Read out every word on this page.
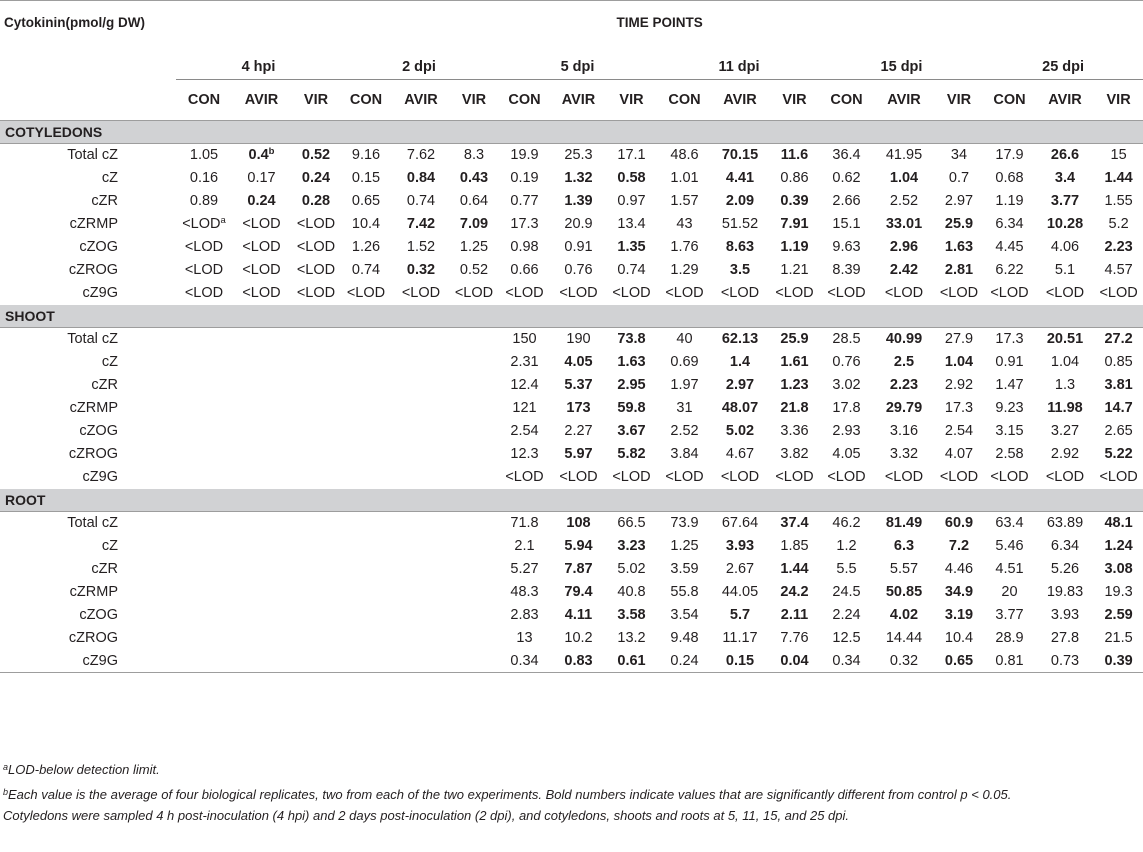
Cytokinin(pmol/g DW)	TIME POINTS																	

	4 hpi			2 dpi			5 dpi			11 dpi			15 dpi			25 dpi		
	CON	AVIR	VIR	CON	AVIR	VIR	CON	AVIR	VIR	CON	AVIR	VIR	CON	AVIR	VIR	CON	AVIR	VIR
COTYLEDONS																		
Total cZ	1.05	0.4$^b$	0.52	9.16	7.62	8.3	19.9	25.3	17.1	48.6	70.15	11.6	36.4	41.95	34	17.9	26.6	15
cZ	0.16	0.17	0.24	0.15	0.84	0.43	0.19	1.32	0.58	1.01	4.41	0.86	0.62	1.04	0.7	0.68	3.4	1.44
cZR	0.89	0.24	0.28	0.65	0.74	0.64	0.77	1.39	0.97	1.57	2.09	0.39	2.66	2.52	2.97	1.19	3.77	1.55
cZRMP	$<LOD^a$	<LOD	<LOD	10.4	7.42	7.09	17.3	20.9	13.4	43	51.52	7.91	15.1	33.01	25.9	6.34	10.28	5.2
cZOG	<LOD	<LOD	<LOD	1.26	1.52	1.25	0.98	0.91	1.35	1.76	8.63	1.19	9.63	2.96	1.63	4.45	4.06	2.23
cZROG	<LOD	<LOD	<LOD	0.74	0.32	0.52	0.66	0.76	0.74	1.29	3.5	1.21	8.39	2.42	2.81	6.22	5.1	4.57
cZ9G	<LOD	<LOD	<LOD	<LOD	<LOD	<LOD	<LOD	<LOD	<LOD	<LOD	<LOD	<LOD	<LOD	<LOD	<LOD	<LOD	<LOD	<LOD
SHOOT																		
Total cZ							150	190	73.8	40	62.13	25.9	28.5	40.99	27.9	17.3	20.51	27.2
cZ							2.31	4.05	1.63	0.69	1.4	1.61	0.76	2.5	1.04	0.91	1.04	0.85
cZR							12.4	5.37	2.95	1.97	2.97	1.23	3.02	2.23	2.92	1.47	1.3	3.81
cZRMP							121	173	59.8	31	48.07	21.8	17.8	29.79	17.3	9.23	11.98	14.7
cZOG							2.54	2.27	3.67	2.52	5.02	3.36	2.93	3.16	2.54	3.15	3.27	2.65
cZROG							12.3	5.97	5.82	3.84	4.67	3.82	4.05	3.32	4.07	2.58	2.92	5.22
cZ9G							<LOD	<LOD	<LOD	<LOD	<LOD	<LOD	<LOD	<LOD	<LOD	<LOD	<LOD	<LOD
ROOT																		
Total cZ							71.8	108	66.5	73.9	67.64	37.4	46.2	81.49	60.9	63.4	63.89	48.1
cZ							2.1	5.94	3.23	1.25	3.93	1.85	1.2	6.3	7.2	5.46	6.34	1.24
cZR							5.27	7.87	5.02	3.59	2.67	1.44	5.5	5.57	4.46	4.51	5.26	3.08
cZRMP							48.3	79.4	40.8	55.8	44.05	24.2	24.5	50.85	34.9	20	19.83	19.3
cZOG							2.83	4.11	3.58	3.54	5.7	2.11	2.24	4.02	3.19	3.77	3.93	2.59
cZROG							13	10.2	13.2	9.48	11.17	7.76	12.5	14.44	10.4	28.9	27.8	21.5
cZ9G							0.34	0.83	0.61	0.24	0.15	0.04	0.34	0.32	0.65	0.81	0.73	0.39
$^a$LOD-below detection limit.
$^b$Each value is the average of four biological replicates, two from each of the two experiments. Bold numbers indicate values that are significantly different from control p < 0.05.
Cotyledons were sampled 4 h post-inoculation (4 hpi) and 2 days post-inoculation (2 dpi), and cotyledons, shoots and roots at 5, 11, 15, and 25 dpi.
